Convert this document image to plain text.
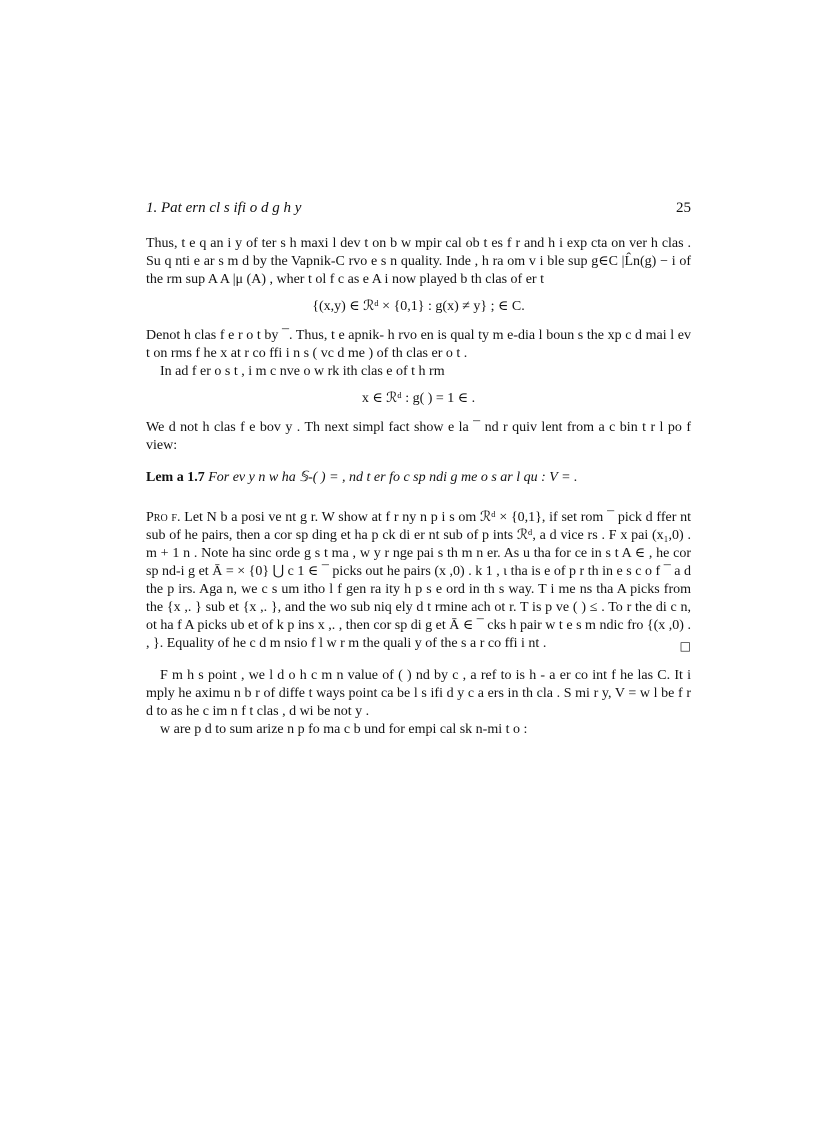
1. Pat ern cl s ifi o d g h y	25

Thus, t e q an i y of ter s h maxi l dev t on b w mpir cal ob t es f r and h i exp cta on ver h clas . Su q nti e ar s m d by the Vapnik-C rvo e s n quality. Inde , h ra om v i ble sup g∈C |L̂n(g) − i of the rm sup A A |μ (A) , wher t ol f c as e A i now played b th clas of er t

{(x,y) ∈ ℛᵈ × {0,1} : g(x) ≠ y} ; ∈ C.

Denot h clas f e r o t by ¯. Thus, t e apnik- h rvo en is qual ty m e-dia l boun s the xp c d mai l ev t on rms f he x at r co ffi i n s ( vc d me ) of th clas er o t .

In ad f er o s t , i m c nve o w rk ith clas e of t h rm

x ∈ ℛᵈ : g( ) = 1 ∈ .

We d not h clas f e bov y . Th next simpl fact show e la ¯ nd r quiv lent from a c bin t r l po f view:

Lem a 1.7 For ev y n w ha 𝕊-( ) = , nd t er fo c sp ndi g me o s ar l qu : V = .

Pro f. Let N b a posi ve nt g r. W show at f r ny n p i s om ℛᵈ × {0,1}, if set rom ¯ pick d ffer nt sub of he pairs, then a cor sp ding et ha p ck di er nt sub of p ints ℛᵈ, a d vice rs . F x pai (x₁,0) . m + 1 n . Note ha sinc orde g s t ma , w y r nge pai s th m n er. As u tha for ce in s t A ∈ , he cor sp nd-i g et Ā = × {0} ⋃ c 1 ∈ ¯ picks out he pairs (x ,0) . k 1 , ι tha is e of p r th in e s c o f ¯ a d the p irs. Aga n, we c s um itho l f gen ra ity h p s e ord in th s way. T i me ns tha A picks from the {x ,. } sub et {x ,. }, and the wo sub niq ely d t rmine ach ot r. T is p ve ( ) ≤ . To r the di c n, ot ha f A picks ub et of k p ins x ,. , then cor sp di g et Ā ∈ ¯ cks h pair w t e s m ndic fro {(x ,0) . , }. Equality of he c d m nsio f l w r m the quali y of the s a r co ffi i nt .	□

F m h s point , we l d o h c m n value of ( ) nd by c , a ref to is h - a er co int f he las C. It i mply he aximu n b r of diffe t ways point ca be l s ifi d y c a ers in th cla . S mi r y, V = w l be f r d to as he c im n f t clas , d wi be not y .

w are p d to sum arize n p fo ma c b und for empi cal sk n-mi t o :
